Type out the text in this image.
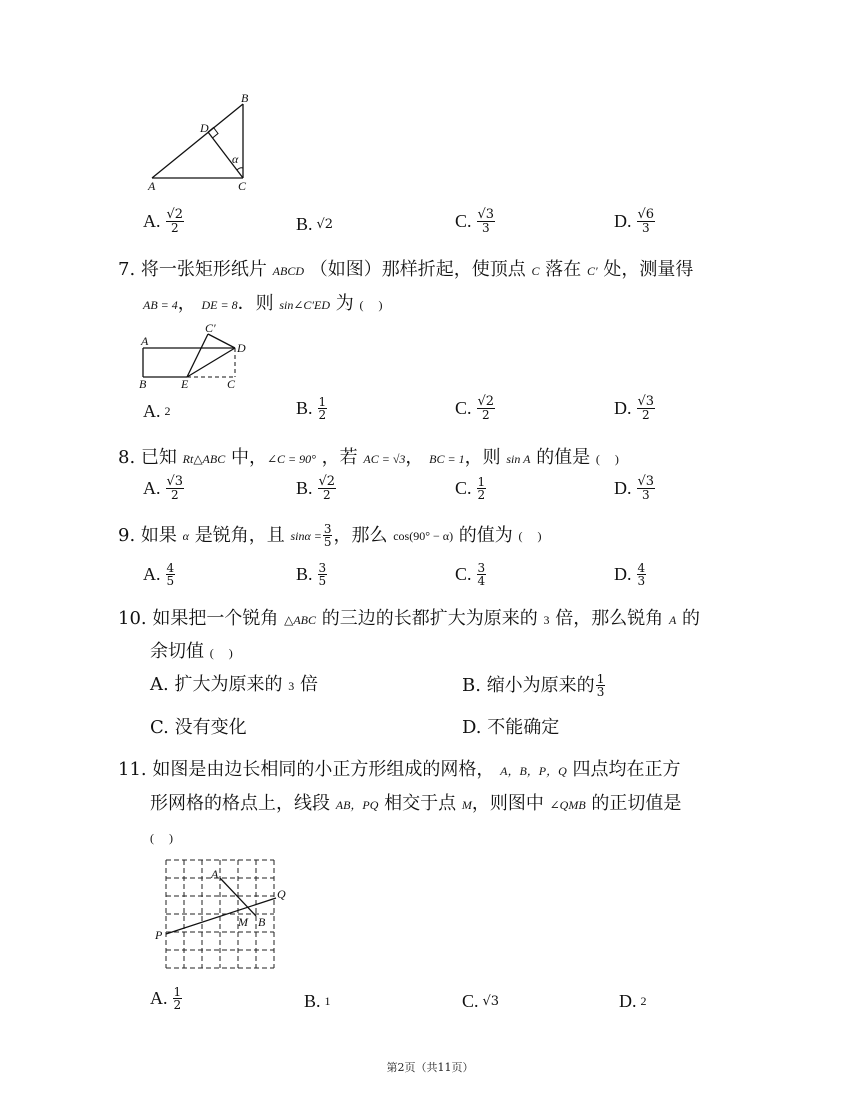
B
D
α
A	C
A. $\frac{√2}{2}$	B. √2	C. $\frac{√3}{3}$	D. $\frac{√6}{3}$
7. 将一张矩形纸片 ABCD （如图）那样折起，使顶点 C 落在 C′ 处，测量得
AB = 4， DE = 8．则 sin∠C′ED 为 (　 )
A
B	E	C
D
C′
A. 2	B. $\frac{1}{2}$	C. $\frac{√2}{2}$	D. $\frac{√3}{2}$
8. 已知 Rt△ABC 中，∠C = 90° ，若 AC = √3， BC = 1，则 sin A 的值是 (　 )
A. $\frac{√3}{2}$	B. $\frac{√2}{2}$	C. $\frac{1}{2}$	D. $\frac{√3}{3}$
9.
如果
α
是锐角，且
$\sin\alpha = \frac{3}{5}$ ，那么
cos(90° − α)
的值为
(　 )
A. $\frac{4}{5}$	B. $\frac{3}{5}$	C. $\frac{3}{4}$	D. $\frac{4}{3}$
10. 如果把一个锐角 △ABC 的三边的长都扩大为原来的 3 倍，那么锐角 A 的
余切值 (　 )
A. 扩大为原来的 3 倍	B.
缩小为原来的 $\frac{1}{3}$
C. 没有变化	D. 不能确定
11. 如图是由边长相同的小正方形组成的网格， A，B，P，Q 四点均在正方
形网格的格点上，线段 AB，PQ 相交于点 M，则图中 ∠QMB 的正切值是
(　 )
A
Q
M B
P
A. $\frac{1}{2}$	B. 1	C. √3	D. 2
第2页（共11页）
